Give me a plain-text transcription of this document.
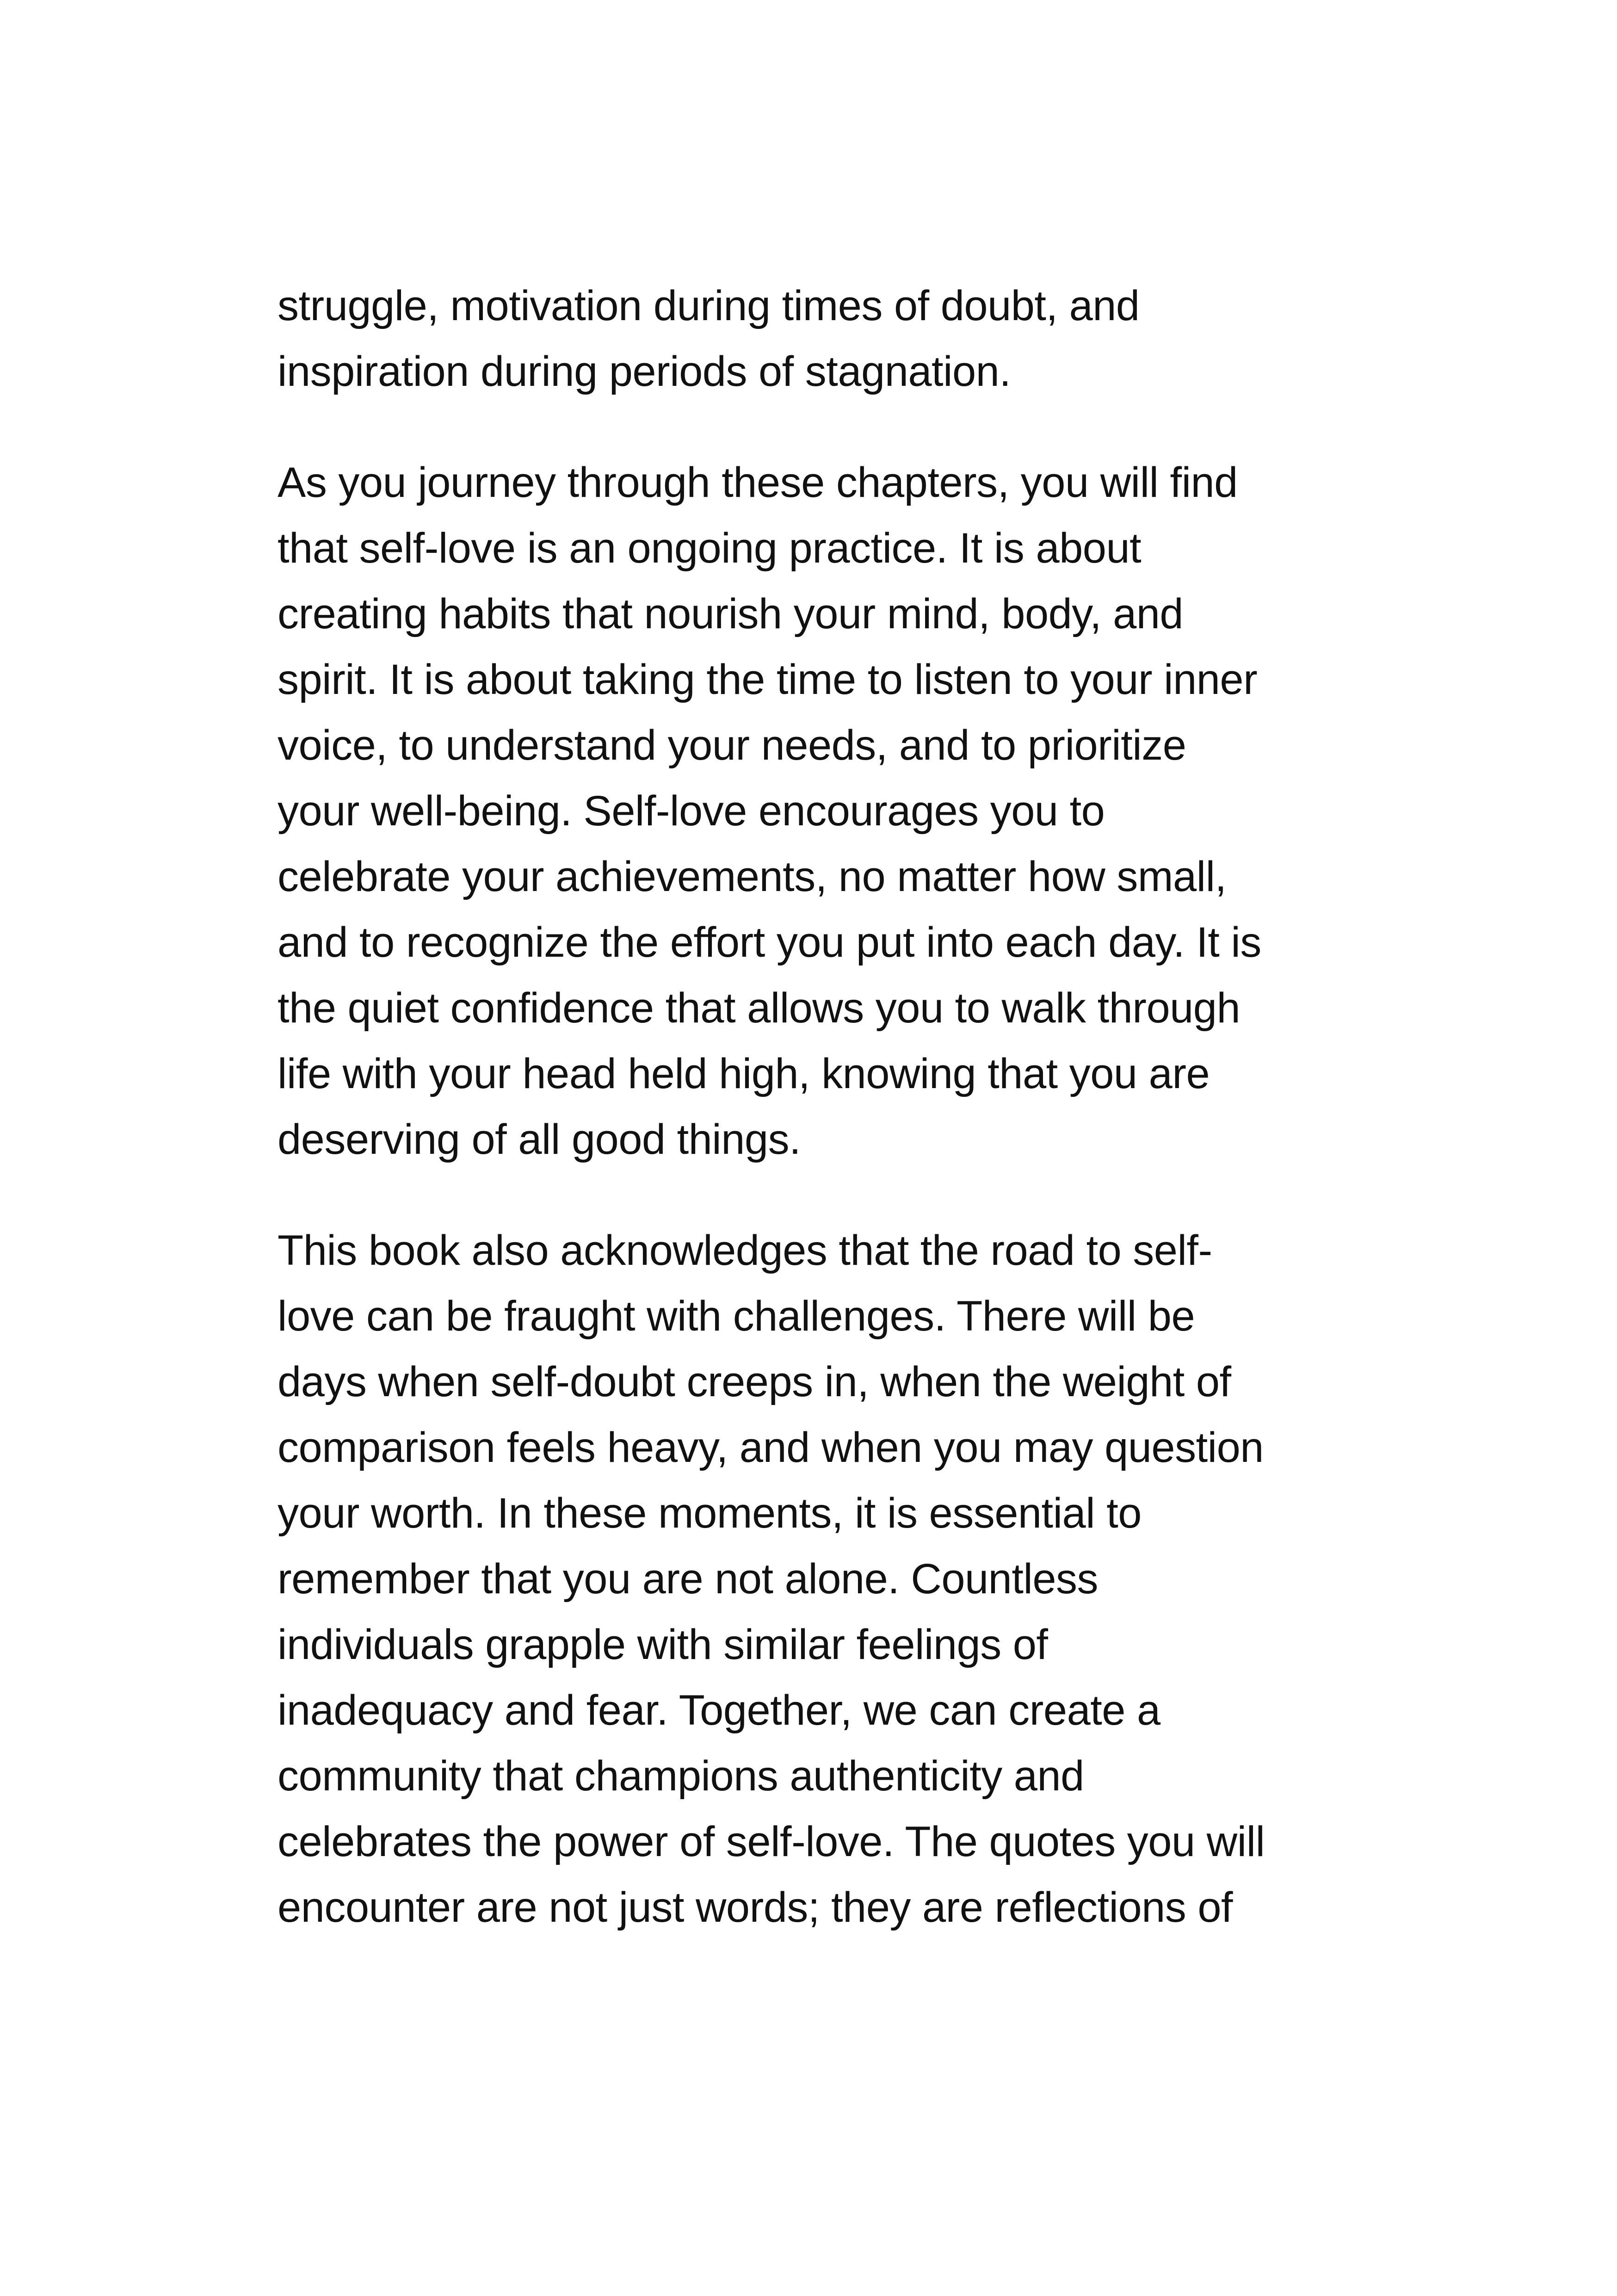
struggle, motivation during times of doubt, and
inspiration during periods of stagnation.
As you journey through these chapters, you will find
that self-love is an ongoing practice. It is about
creating habits that nourish your mind, body, and
spirit. It is about taking the time to listen to your inner
voice, to understand your needs, and to prioritize
your well-being. Self-love encourages you to
celebrate your achievements, no matter how small,
and to recognize the effort you put into each day. It is
the quiet confidence that allows you to walk through
life with your head held high, knowing that you are
deserving of all good things.
This book also acknowledges that the road to self-
love can be fraught with challenges. There will be
days when self-doubt creeps in, when the weight of
comparison feels heavy, and when you may question
your worth. In these moments, it is essential to
remember that you are not alone. Countless
individuals grapple with similar feelings of
inadequacy and fear. Together, we can create a
community that champions authenticity and
celebrates the power of self-love. The quotes you will
encounter are not just words; they are reflections of
